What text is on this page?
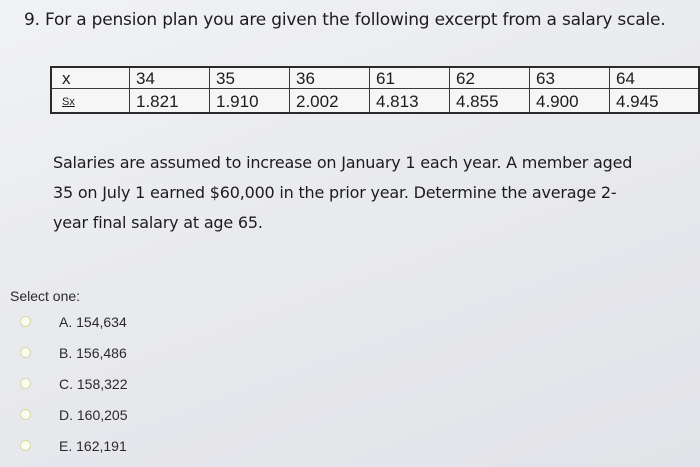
9. For a pension plan you are given the following excerpt from a salary scale.
x	34	35	36	61	62	63	64
Sx	1.821	1.910	2.002	4.813	4.855	4.900	4.945
Salaries are assumed to increase on January 1 each year. A member aged
35 on July 1 earned $60,000 in the prior year. Determine the average 2-
year final salary at age 65.
Select one:
A. 154,634
B. 156,486
C. 158,322
D. 160,205
E. 162,191
